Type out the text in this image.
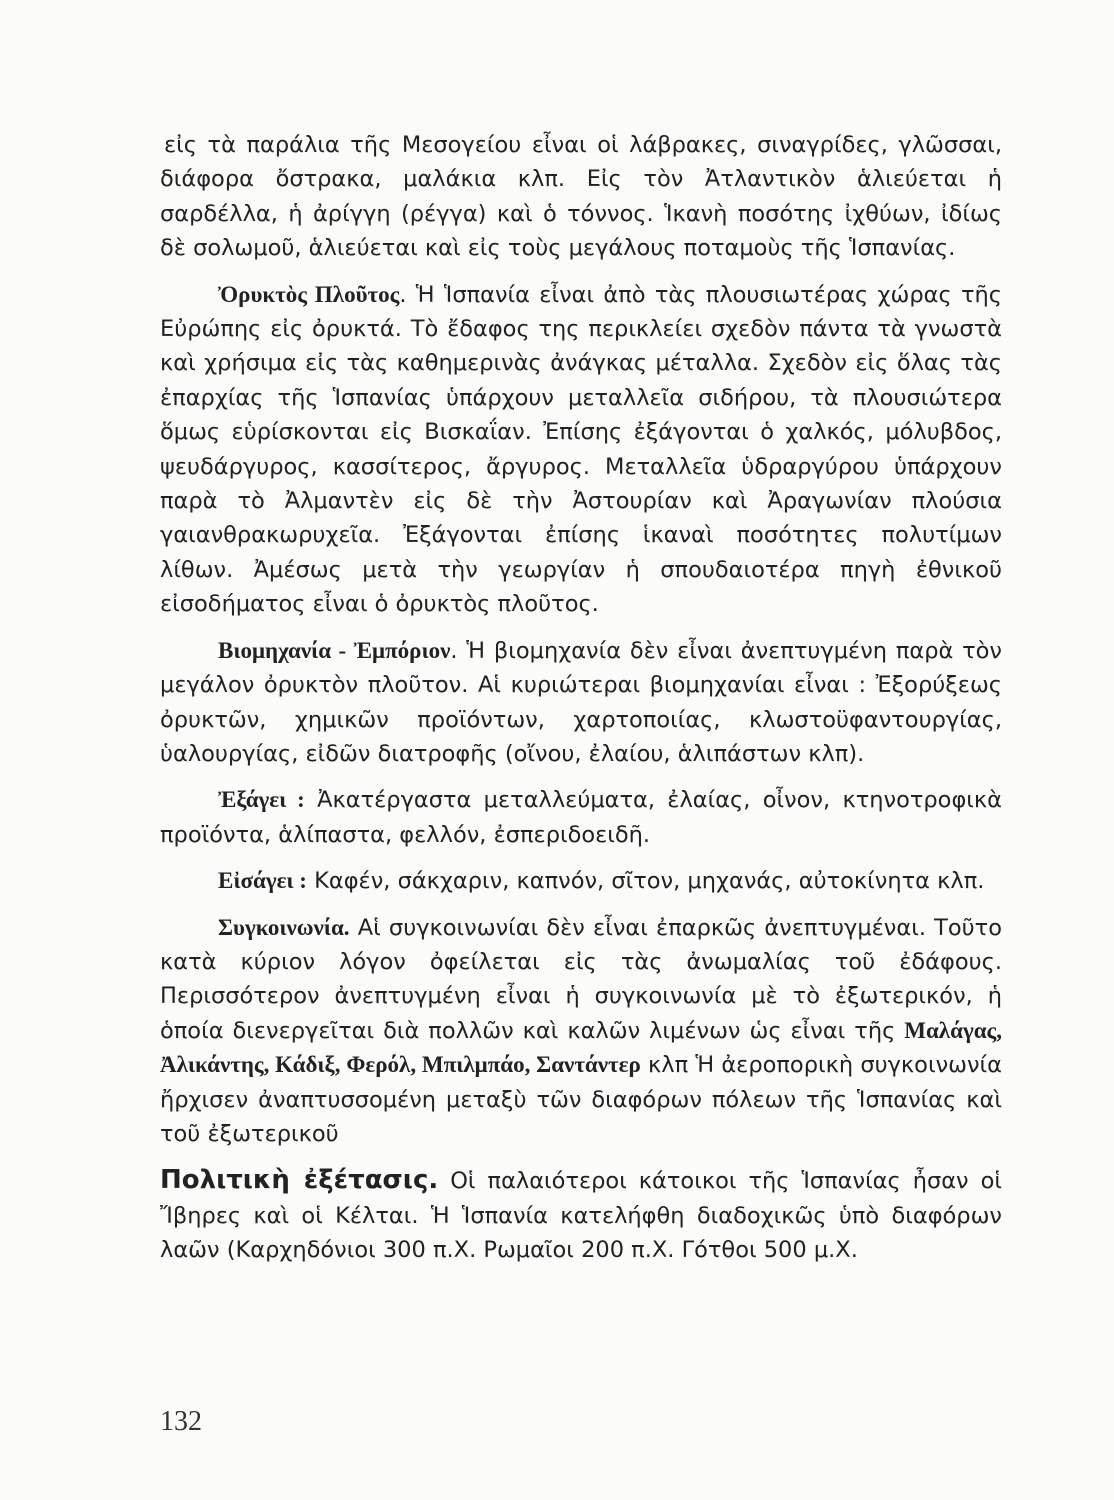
εἰς τὰ παράλια τῆς Μεσογείου εἶναι οἱ λάβρακες, σιναγρίδες, γλῶσσαι, διάφορα ὄστρακα, μαλάκια κλπ. Εἰς τὸν Ἀτλαντικὸν ἁλιεύεται ἡ σαρδέλλα, ἡ ἀρίγγη (ρέγγα) καὶ ὁ τόννος. Ἱκανὴ ποσότης ἰχθύων, ἰδίως δὲ σολωμοῦ, ἁλιεύεται καὶ εἰς τοὺς μεγάλους ποταμοὺς τῆς Ἱσπανίας.

Ὀρυκτὸς Πλοῦτος. Ἡ Ἱσπανία εἶναι ἀπὸ τὰς πλουσιωτέρας χώρας τῆς Εὐρώπης εἰς ὀρυκτά. Τὸ ἔδαφος της περικλείει σχεδὸν πάντα τὰ γνωστὰ καὶ χρήσιμα εἰς τὰς καθημερινὰς ἀνάγκας μέταλλα. Σχεδὸν εἰς ὅλας τὰς ἐπαρχίας τῆς Ἱσπανίας ὑπάρχουν μεταλλεῖα σιδήρου, τὰ πλουσιώτερα ὅμως εὑρίσκονται εἰς Βισκαΐαν. Ἐπίσης ἐξάγονται ὁ χαλκός, μόλυβδος, ψευδάργυρος, κασσίτερος, ἄργυρος. Μεταλλεῖα ὑδραργύρου ὑπάρχουν παρὰ τὸ Ἀλμαντὲν εἰς δὲ τὴν Ἀστουρίαν καὶ Ἀραγωνίαν πλούσια γαιανθρακωρυχεῖα. Ἐξάγονται ἐπίσης ἱκαναὶ ποσότητες πολυτίμων λίθων. Ἀμέσως μετὰ τὴν γεωργίαν ἡ σπουδαιοτέρα πηγὴ ἐθνικοῦ εἰσοδήματος εἶναι ὁ ὀρυκτὸς πλοῦτος.

Βιομηχανία - Ἐμπόριον. Ἡ βιομηχανία δὲν εἶναι ἀνεπτυγμένη παρὰ τὸν μεγάλον ὀρυκτὸν πλοῦτον. Αἱ κυριώτεραι βιομηχανίαι εἶναι : Ἐξορύξεως ὀρυκτῶν, χημικῶν προϊόντων, χαρτοποιίας, κλωστοϋφαντουργίας, ὑαλουργίας, εἰδῶν διατροφῆς (οἴνου, ἐλαίου, ἁλιπάστων κλπ).

Ἐξάγει : Ἀκατέργαστα μεταλλεύματα, ἐλαίας, οἶνον, κτηνοτροφικὰ προϊόντα, ἁλίπαστα, φελλόν, ἐσπεριδοειδῆ.

Εἰσάγει : Καφέν, σάκχαριν, καπνόν, σῖτον, μηχανάς, αὐτοκίνητα κλπ.

Συγκοινωνία. Αἱ συγκοινωνίαι δὲν εἶναι ἐπαρκῶς ἀνεπτυγμέναι. Τοῦτο κατὰ κύριον λόγον ὀφείλεται εἰς τὰς ἀνωμαλίας τοῦ ἐδάφους. Περισσότερον ἀνεπτυγμένη εἶναι ἡ συγκοινωνία μὲ τὸ ἐξωτερικόν, ἡ ὁποία διενεργεῖται διὰ πολλῶν καὶ καλῶν λιμένων ὡς εἶναι τῆς Μαλάγας, Ἀλικάντης, Κάδιξ, Φερόλ, Μπιλμπάο, Σαντάντερ κλπ Ἡ ἀεροπορικὴ συγκοινωνία ἤρχισεν ἀναπτυσσομένη μεταξὺ τῶν διαφόρων πόλεων τῆς Ἱσπανίας καὶ τοῦ ἐξωτερικοῦ

Πολιτικὴ ἐξέτασις. Οἱ παλαιότεροι κάτοικοι τῆς Ἱσπανίας ἦσαν οἱ Ἴβηρες καὶ οἱ Κέλται. Ἡ Ἱσπανία κατελήφθη διαδοχικῶς ὑπὸ διαφόρων λαῶν (Καρχηδόνιοι 300 π.Χ. Ρωμαῖοι 200 π.Χ. Γότθοι 500 μ.Χ.

132
